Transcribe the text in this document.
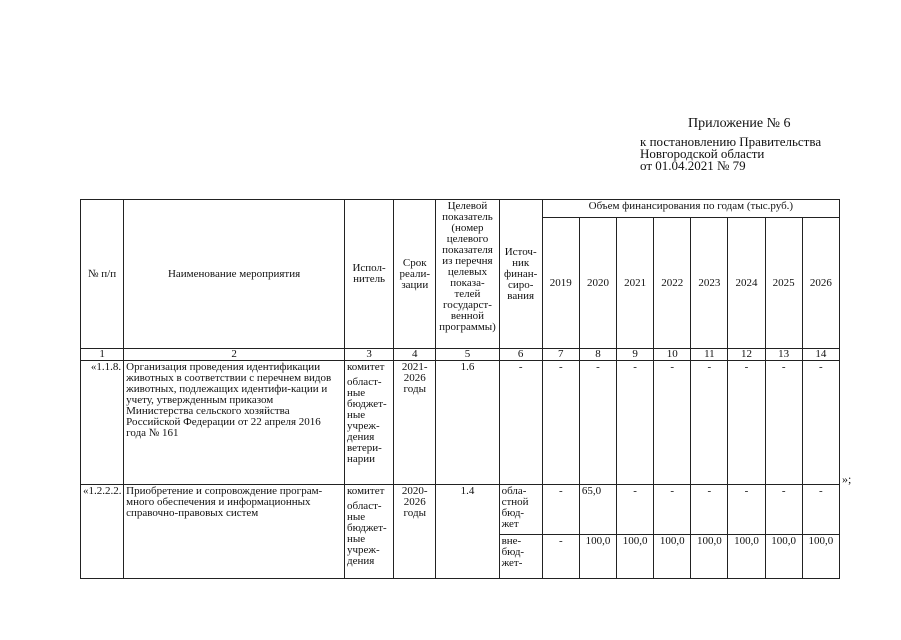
Приложение № 6
к постановлению Правительства
Новгородской области
от 01.04.2021 № 79
№ п/п	Наименование мероприятия	Испол-нитель	Срок реали-зации	Целевой показатель (номер целевого показателя из перечня целевых показа-телей государст-венной программы)	Источ-ник финан-сиро-вания	Объем финансирования по годам (тыс.руб.)							
						2019	2020	2021	2022	2023	2024	2025	2026
1	2	3	4	5	6	7	8	9	10	11	12	13	14
«1.1.8.	Организация проведения идентификации животных в соответствии с перечнем видов животных, подлежащих идентифи-кации и учету, утвержденным приказом Министерства сельского хозяйства Российской Федерации от 22 апреля 2016 года № 161	комитет
област-ные бюджет-ные учреж-дения ветери-нарии	2021-2026 годы	1.6	-	-	-	-	-	-	-	-	-
«1.2.2.2.	Приобретение и сопровождение програм-много обеспечения и информационных справочно-правовых систем	комитет
област-ные бюджет-ные учреж-дения	2020-2026 годы	1.4	обла-стной бюд-жет	-	65,0	-	-	-	-	-	-
					вне-бюд-жет-	-	100,0	100,0	100,0	100,0	100,0	100,0	100,0
»;
